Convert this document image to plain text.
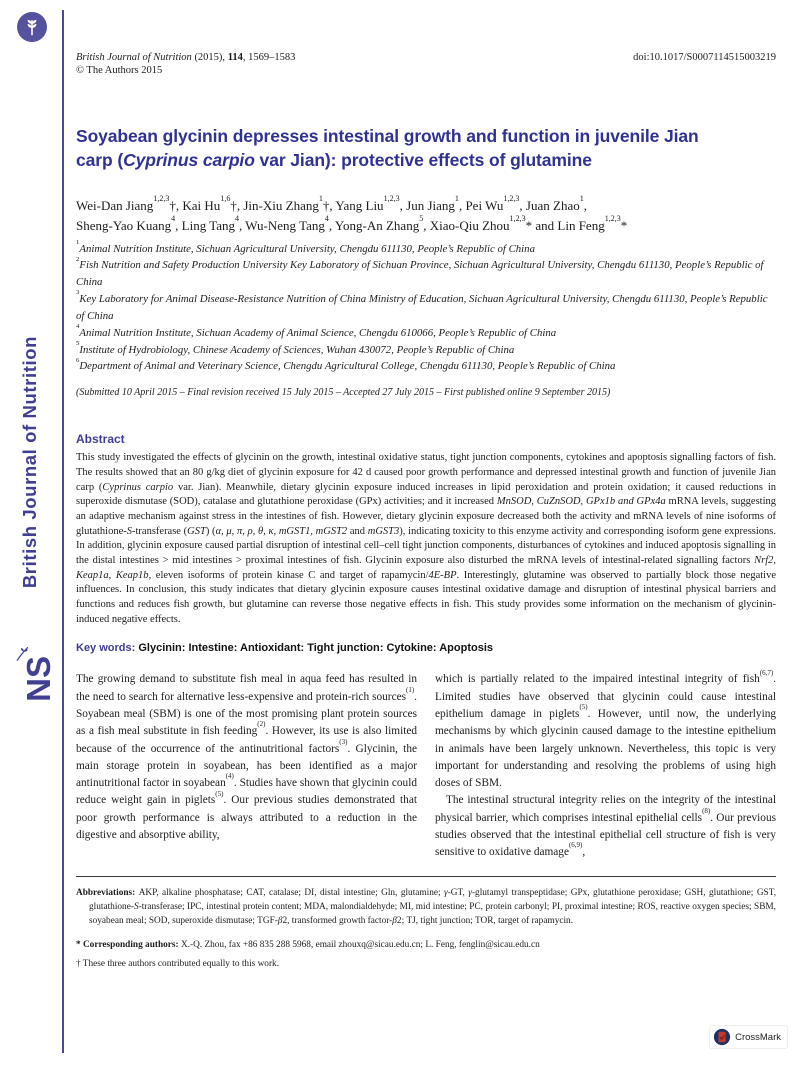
British Journal of Nutrition
NS
British Journal of Nutrition (2015), 114, 1569–1583	doi:10.1017/S0007114515003219
© The Authors 2015
Soyabean glycinin depresses intestinal growth and function in juvenile Jian
carp (Cyprinus carpio var Jian): protective effects of glutamine

Wei-Dan Jiang$^{1,2,3}$†, Kai Hu$^{1,6}$†, Jin-Xiu Zhang$^1$†, Yang Liu$^{1,2,3}$, Jun Jiang$^1$, Pei Wu$^{1,2,3}$, Juan Zhao$^1$,
Sheng-Yao Kuang$^4$, Ling Tang$^4$, Wu-Neng Tang$^4$, Yong-An Zhang$^5$, Xiao-Qiu Zhou$^{1,2,3}$* and Lin Feng$^{1,2,3}$*

$^1$Animal Nutrition Institute, Sichuan Agricultural University, Chengdu 611130, People’s Republic of China

$^2$Fish Nutrition and Safety Production University Key Laboratory of Sichuan Province, Sichuan Agricultural University, Chengdu 611130, People’s Republic of China

$^3$Key Laboratory for Animal Disease-Resistance Nutrition of China Ministry of Education, Sichuan Agricultural University, Chengdu 611130, People’s Republic of China

$^4$Animal Nutrition Institute, Sichuan Academy of Animal Science, Chengdu 610066, People’s Republic of China

$^5$Institute of Hydrobiology, Chinese Academy of Sciences, Wuhan 430072, People’s Republic of China

$^6$Department of Animal and Veterinary Science, Chengdu Agricultural College, Chengdu 611130, People’s Republic of China

(Submitted 10 April 2015 – Final revision received 15 July 2015 – Accepted 27 July 2015 – First published online 9 September 2015)

Abstract

This study investigated the effects of glycinin on the growth, intestinal oxidative status, tight junction components, cytokines and apoptosis signalling factors of fish. The results showed that an 80 g/kg diet of glycinin exposure for 42 d caused poor growth performance and depressed intestinal growth and function of juvenile Jian carp (Cyprinus carpio var. Jian). Meanwhile, dietary glycinin exposure induced increases in lipid peroxidation and protein oxidation; it caused reductions in superoxide dismutase (SOD), catalase and glutathione peroxidase (GPx) activities; and it increased MnSOD, CuZnSOD, GPx1b and GPx4a mRNA levels, suggesting an adaptive mechanism against stress in the intestines of fish. However, dietary glycinin exposure decreased both the activity and mRNA levels of nine isoforms of glutathione-S-transferase (GST) (α, μ, π, ρ, θ, κ, mGST1, mGST2 and mGST3), indicating toxicity to this enzyme activity and corresponding isoform gene expressions. In addition, glycinin exposure caused partial disruption of intestinal cell–cell tight junction components, disturbances of cytokines and induced apoptosis signalling in the distal intestines > mid intestines > proximal intestines of fish. Glycinin exposure also disturbed the mRNA levels of intestinal-related signalling factors Nrf2, Keap1a, Keap1b, eleven isoforms of protein kinase C and target of rapamycin/4E-BP. Interestingly, glutamine was observed to partially block those negative influences. In conclusion, this study indicates that dietary glycinin exposure causes intestinal oxidative damage and disruption of intestinal physical barriers and functions and reduces fish growth, but glutamine can reverse those negative effects in fish. This study provides some information on the mechanism of glycinin-induced negative effects.

Key words: Glycinin: Intestine: Antioxidant: Tight junction: Cytokine: Apoptosis

The growing demand to substitute fish meal in aqua feed has resulted in the need to search for alternative less-expensive and protein-rich sources$^{(1)}$. Soyabean meal (SBM) is one of the most promising plant protein sources as a fish meal substitute in fish feeding$^{(2)}$. However, its use is also limited because of the occurrence of the antinutritional factors$^{(3)}$. Glycinin, the main storage protein in soyabean, has been identified as a major antinutritional factor in soyabean$^{(4)}$. Studies have shown that glycinin could reduce weight gain in piglets$^{(5)}$. Our previous studies demonstrated that poor growth performance is always attributed to a reduction in the digestive and absorptive ability,

which is partially related to the impaired intestinal integrity of fish$^{(6,7)}$. Limited studies have observed that glycinin could cause intestinal epithelium damage in piglets$^{(5)}$. However, until now, the underlying mechanisms by which glycinin caused damage to the intestine epithelium in animals have been largely unknown. Nevertheless, this topic is very important for understanding and resolving the problems of using high doses of SBM.

The intestinal structural integrity relies on the integrity of the intestinal physical barrier, which comprises intestinal epithelial cells$^{(8)}$. Our previous studies observed that the intestinal epithelial cell structure of fish is very sensitive to oxidative damage$^{(6,9)}$,

Abbreviations: AKP, alkaline phosphatase; CAT, catalase; DI, distal intestine; Gln, glutamine; γ-GT, γ-glutamyl transpeptidase; GPx, glutathione peroxidase; GSH, glutathione; GST, glutathione-S-transferase; IPC, intestinal protein content; MDA, malondialdehyde; MI, mid intestine; PC, protein carbonyl; PI, proximal intestine; ROS, reactive oxygen species; SBM, soyabean meal; SOD, superoxide dismutase; TGF-β2, transformed growth factor-β2; TJ, tight junction; TOR, target of rapamycin.

* Corresponding authors: X.-Q. Zhou, fax +86 835 288 5968, email zhouxq@sicau.edu.cn; L. Feng, fenglin@sicau.edu.cn

† These three authors contributed equally to this work.

CrossMark
